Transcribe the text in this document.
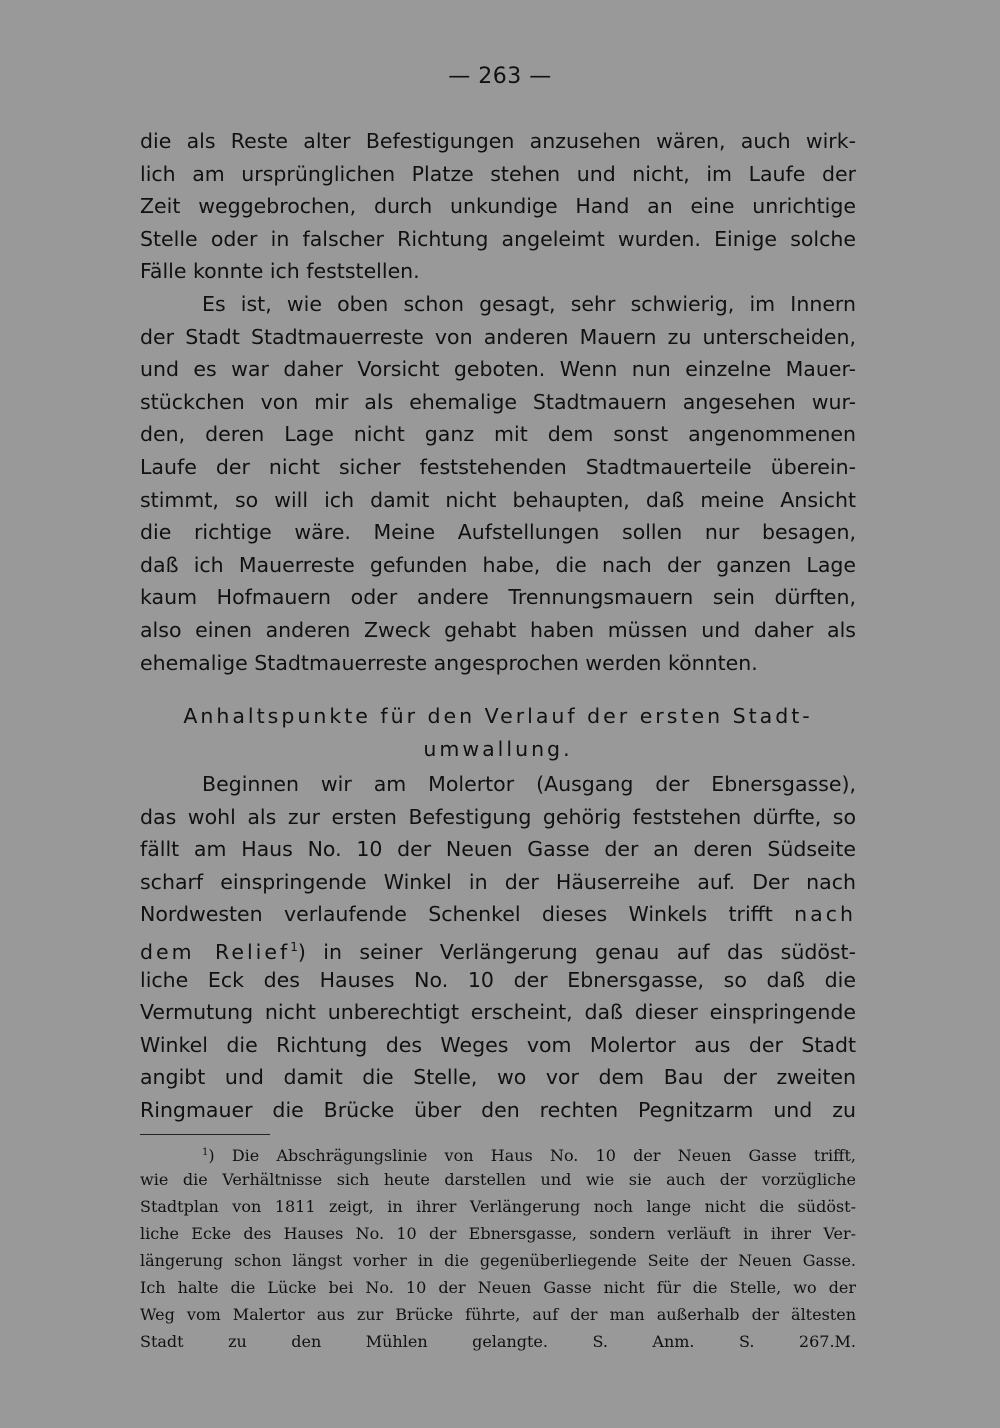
— 263 —
die als Reste alter Befestigungen anzusehen wären, auch wirk-
lich am ursprünglichen Platze stehen und nicht, im Laufe der
Zeit weggebrochen, durch unkundige Hand an eine unrichtige
Stelle oder in falscher Richtung angeleimt wurden. Einige solche
Fälle konnte ich feststellen.
Es ist, wie oben schon gesagt, sehr schwierig, im Innern
der Stadt Stadtmauerreste von anderen Mauern zu unterscheiden,
und es war daher Vorsicht geboten. Wenn nun einzelne Mauer-
stückchen von mir als ehemalige Stadtmauern angesehen wur-
den, deren Lage nicht ganz mit dem sonst angenommenen
Laufe der nicht sicher feststehenden Stadtmauerteile überein-
stimmt, so will ich damit nicht behaupten, daß meine Ansicht
die richtige wäre. Meine Aufstellungen sollen nur besagen,
daß ich Mauerreste gefunden habe, die nach der ganzen Lage
kaum Hofmauern oder andere Trennungsmauern sein dürften,
also einen anderen Zweck gehabt haben müssen und daher als
ehemalige Stadtmauerreste angesprochen werden könnten.
Anhaltspunkte für den Verlauf der ersten Stadt-
umwallung.
Beginnen wir am Molertor (Ausgang der Ebnersgasse),
das wohl als zur ersten Befestigung gehörig feststehen dürfte, so
fällt am Haus No. 10 der Neuen Gasse der an deren Südseite
scharf einspringende Winkel in der Häuserreihe auf. Der nach
Nordwesten verlaufende Schenkel dieses Winkels trifft nach
dem Relief$^1$) in seiner Verlängerung genau auf das südöst-
liche Eck des Hauses No. 10 der Ebnersgasse, so daß die
Vermutung nicht unberechtigt erscheint, daß dieser einspringende
Winkel die Richtung des Weges vom Molertor aus der Stadt
angibt und damit die Stelle, wo vor dem Bau der zweiten
Ringmauer die Brücke über den rechten Pegnitzarm und zu
$^1$) Die Abschrägungslinie von Haus No. 10 der Neuen Gasse trifft,
wie die Verhältnisse sich heute darstellen und wie sie auch der vorzügliche
Stadtplan von 1811 zeigt, in ihrer Verlängerung noch lange nicht die südöst-
liche Ecke des Hauses No. 10 der Ebnersgasse, sondern verläuft in ihrer Ver-
längerung schon längst vorher in die gegenüberliegende Seite der Neuen Gasse.
Ich halte die Lücke bei No. 10 der Neuen Gasse nicht für die Stelle, wo der
Weg vom Malertor aus zur Brücke führte, auf der man außerhalb der ältesten
Stadt zu den Mühlen gelangte. S. Anm. S. 267.M.
